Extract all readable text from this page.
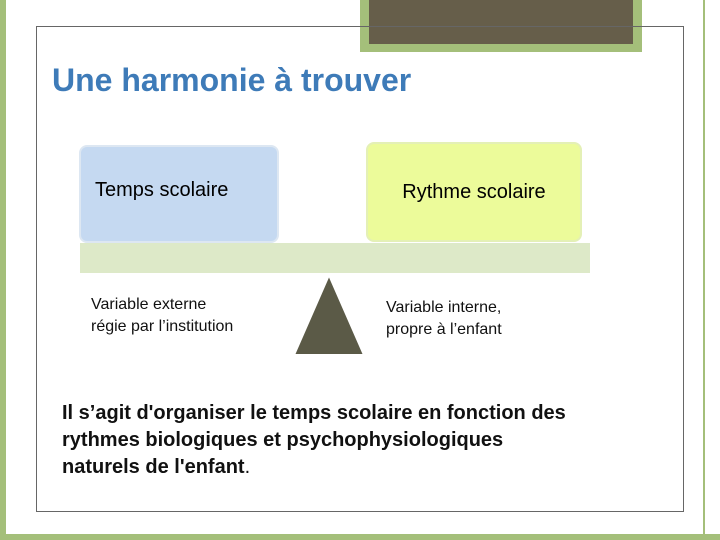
Une harmonie à trouver
Temps scolaire	Rythme scolaire
Variable externe
régie par l’institution
Variable interne,
propre à l’enfant
Il s’agit d'organiser le temps scolaire en fonction des
rythmes biologiques et psychophysiologiques
naturels de l'enfant.
